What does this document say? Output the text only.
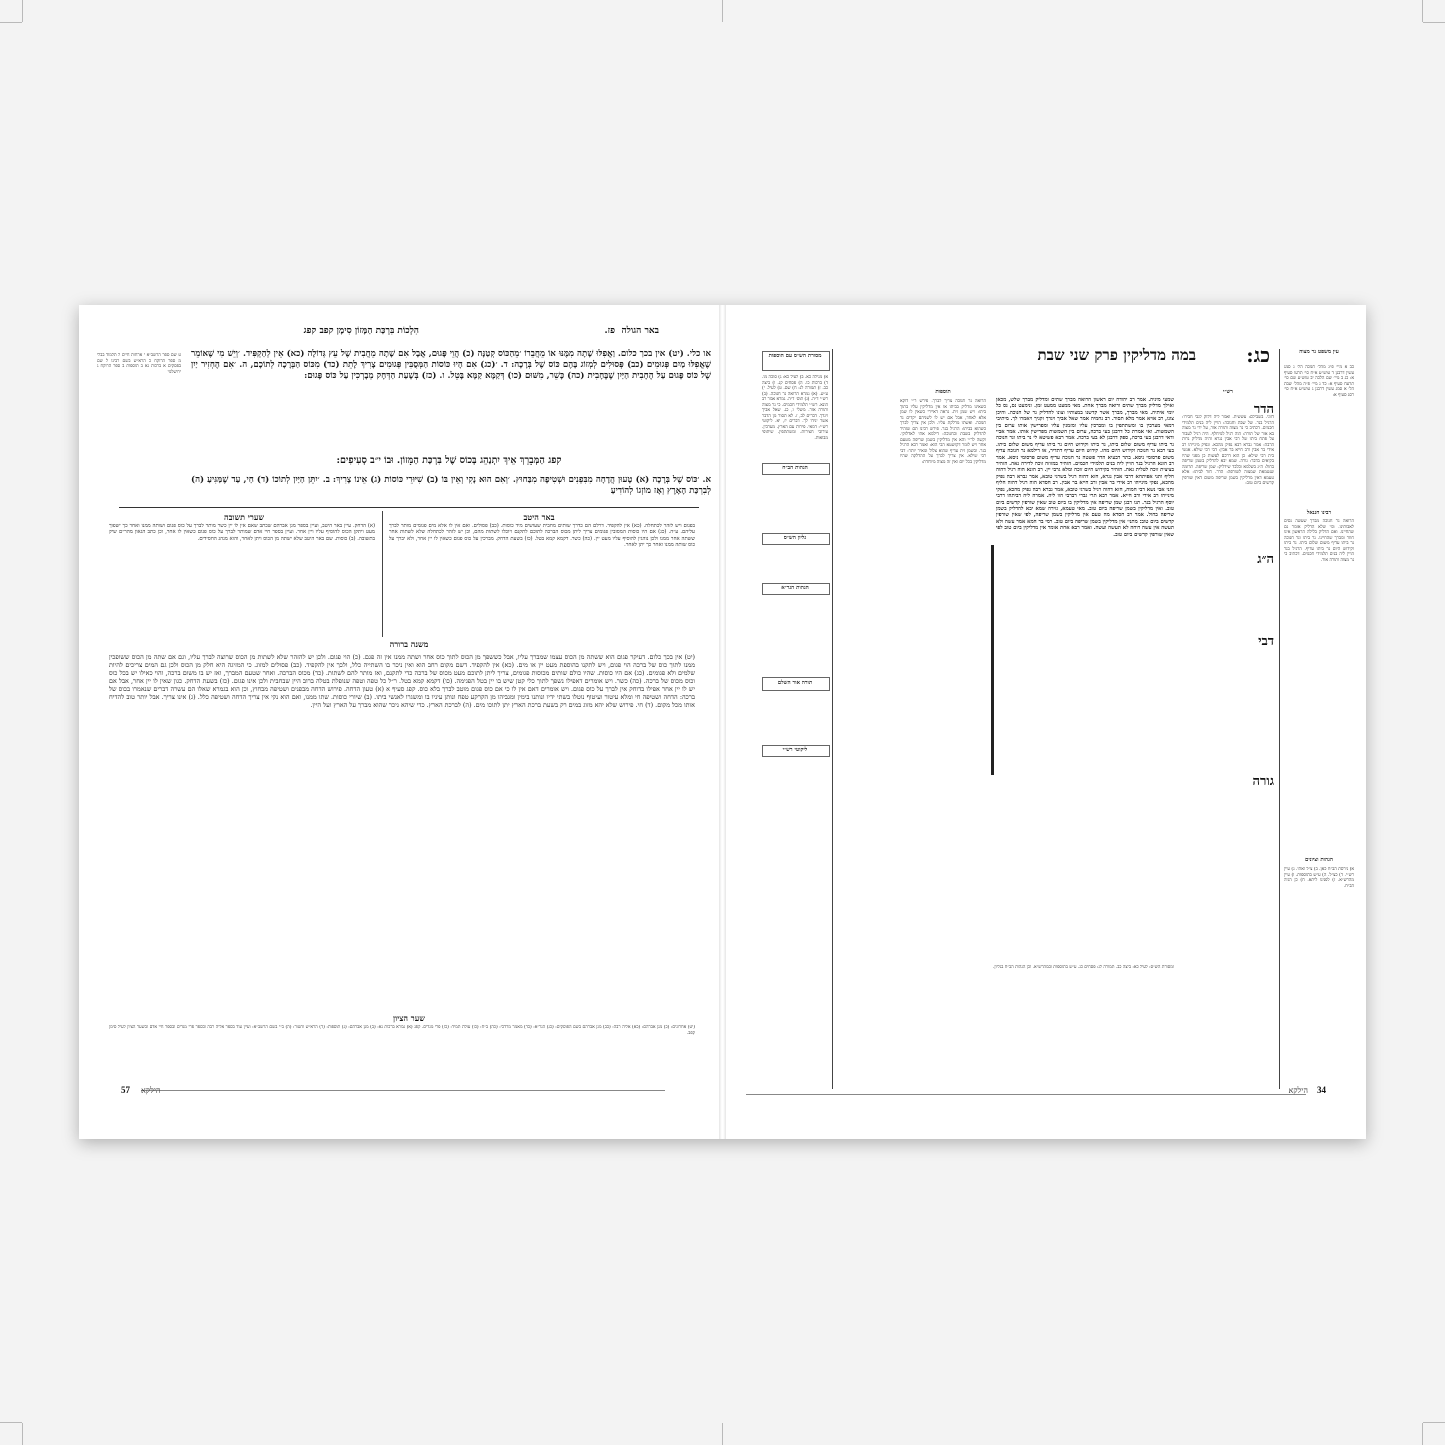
הִלְכוֹת בִּרְכַּת הַמָּזוֹן סִימָן קפב קפג	פז. באר הגולה
או כלי. (יט) אין בכך כלום. וַאֲפִלּוּ שָׁתָה מִמֶּנּוּ אוֹ מֵחֲבֵרוֹ ׳מֵהַכּוֹס קְטַנָּה (כ) הֲוֵי פָּגוּם, אֲבָל אִם שָׁתָה מֵחֲבִית שֶׁל עֵץ גְּדוֹלָה (כא) אֵין לְהַקְפִּיד. ׳וְיֵשׁ מִי שֶׁאוֹמֵר שֶׁאֲפִלּוּ מַיִם פְּגוּמִים (כב) פְּסוּלִים לְמְזוֹג בָּהֶם כּוֹס שֶׁל בְּרָכָה: ד. ׳(כג) אִם הָיוּ כּוֹסוֹת הַמְּסֻבִּין פְּגוּמִים צָרִיךְ לָתֵת (כד) מִכּוֹס הַבְּרָכָה לְתוֹכָם, ה. ׳אִם הֶחְזִיר יַיִן שֶׁל כּוֹס פָּגוּם עַל הֶחָבִית הַיַּיִן שֶׁבֶּחָבִית (כה) כָּשֵׁר, מִשּׁוּם (כו) דְּקַמָּא קַמָּא בָּטֵל. ו. (כז) בְּשָׁעַת הַדְּחָק מְבָרְכִין עַל כּוֹס פָּגוּם:
קפג הַמְּבָרֵךְ אֵיךְ יִתְנַהֵג בְּכוֹס שֶׁל בִּרְכַּת הַמָּזוֹן. וּבוֹ י״ב סְעִיפִים:
א. ׳כּוֹס שֶׁל בְּרָכָה (א) טָעוּן הֲדָחָה מִבִּפְנִים וּשְׁטִיפָה מִבַּחוּץ. ׳וְאִם הוּא נָקִי וְאֵין בּוֹ (ב) שִׁיּוּרֵי כּוֹסוֹת (ג) אֵינוֹ צָרִיךְ: ב. ׳יִתֵּן הַיַּיִן לְתוֹכוֹ (ד) חַי, עַד שֶׁמַּגִּיעַ (ה) לְבִרְכַּת הָאָרֶץ וְאָז מוֹזְגוֹ לְהוֹדִיעַ
ט שם ספר הרשב״א י ארחות חיים ל תלמוד בבלי מ ספר הרוקח כ הרא״ש בשם רבינו ל שם בפסקים א ברכות נא ב תוספות ב ספר הרוקח ג ירושלמי
באר היטב
שערי תשובה
בפגום ויש לזהר לכתחלה. (כא) אין להקפיד. דרלם הם כדרך שותים מחבית שעושים מיד כוסות. (כב) פסולים. ואם אין לו אלא מים פגומים מותר לברך עליהם. ע״ה. (כג) אם היו כוסות המסובין פגומים צריך ליתן מכוס הברכה לתוכם לתקנם ויוכלו לשתות מהם, וכן יש לזהר לכתחלה שלא לשתות אחר ששתה אחר ממנו ולכן נוהגין להוסיף עליו מעט יין. (כה) כשר. דקמא קמא בטל. (כז) בשעת הדחק. מברכין על כוס פגום כשאין לו יין אחר, ולא יברך על כוס שותה ממנו ואחר כך יתן לאחר.
(א) הדחק. עיין באר היטב, ועיין בספר מגן אברהם שכתב שאם אין לו יין כשר מותר לברך על כוס פגום ושותה ממנו ואחר כך ישפוך מעט ויתקן הכוס להוסיף עליו ויין אחר. ועיין בספר חיי אדם שמותר לברך על כוס פגום כשאין לו אחר, וכן כתב הגאון מהר״ם שיק בתשובה. (ב) כוסות. שם באר היטב שלא ישתה מן הכוס ויתן לאחר, והוא מנהג החסידים.
משנה ברורה
(יט) אין בכך כלום. דעיקר פגום הוא ששתה מן הכוס עצמו שמברך עליו, אבל כששפך מן הכוס לתוך כוס אחר ושתה ממנו אין זה פגם. (כ) הוי פגום. ולכן יש להזהר שלא לשתות מן הכוס שרוצה לברך עליו, וגם אם שתה מן הכוס ששופכין ממנו לתוך כוס של ברכה הוי פגום, ויש לתקנו בהוספת מעט יין או מים. (כא) אין להקפיד. דשם מקום רחב הוא ואין ניכר בו השתייה כלל, ולכך אין להקפיד. (כב) פסולים למזוג. כי המזיגה היא חלק מן הכוס ולכן גם המים צריכים להיות שלמים ולא פגומים. (כג) אם היו כוסות. שהיו כולם שותים מכוסות פגומים, צריך ליתן לתוכם מעט מכוס של ברכה כדי לתקנם, ואז מותר להם לשתות. (כד) מכוס הברכה. ואחר שטעם המברך, ואז יש בו משום ברכה, והוי כאילו יש בכל כוס וכוס מכוס של ברכה. (כה) כשר. ויש אומרים דאפילו נשפך לתוך כלי קטן שיש בו יין בטל הפגימה. (כו) דקמא קמא בטל. ר״ל כל טפה וטפה שנופלת בטלה ברוב היין שבחבית ולכן אינו פגום. (כז) בשעת הדחק. כגון שאין לו יין אחר, אבל אם יש לו יין אחר אפילו בדוחק אין לברך על כוס פגום. ויש אומרים דאם אין לו כי אם כוס פגום מוטב לברך בלא כוס. קפג סעיף א (א) טעון הדחה. פירוש הדחה מבפנים ושטיפה מבחוץ, וכן הוא בגמרא שאלו הם עשרה דברים שנאמרו בכוס של ברכה: הדחה ושטיפה חי ומלא עיטור ועיטוף נוטלו בשתי ידיו ונותנו בימין ומגביהו מן הקרקע טפח ונותן עיניו בו ומשגרו לאנשי ביתו. (ב) שיורי כוסות. שתו ממנו, ואם הוא נקי אין צריך הדחה ושטיפה כלל. (ג) אינו צריך. אבל יותר טוב להדיח אותו מכל מקום. (ד) חי. פירוש שלא יהא מזוג במים רק בשעת ברכת הארץ יתן לתוכו מים. (ה) לברכת הארץ. כדי שיהא ניכר שהוא מברך על הארץ ועל היין.
שער הציון
(יט) אחרונים: (כ) מגן אברהם: (כא) אליה רבה: (כב) מגן אברהם בשם הפוסקים: (כג) הגר״א: (כד) מאמר מרדכי: (כה) ב״ח: (כו) עולת תמיד: (כז) פרי מגדים. קפג (א) גמרא ברכות נא: (ב) מגן אברהם: (ג) תוספות: (ד) הרא״ש והטור: (ה) ב״י בשם הרשב״א: ועיין עוד בספר אליה רבה ובספר פרי מגדים ובספר חיי אדם ובשער הציון לעיל סימן קפב.
57 הילקא
כג:
במה מדליקין פרק שני שבת	עין משפט נר מצוה
כב א מיי׳ פ״ג מהל׳ חנוכה הל׳ ג סמג עשין דרבנן ד טוש״ע א״ח סי׳ תרעו סעיף א: כג ב מיי׳ שם הלכה יב טוש״ע שם סי׳ תרעח סעיף א: כד ג מיי׳ פ״ה מהל׳ שבת הל׳ א סמג עשין דרבנן ג טוש״ע א״ח סי׳ רסג סעיף א:
רבינו חננאל
הרואה נר חנוכה מברך שעשה נסים לאבותינו. ומי שלא הדליק אומר גם שהחיינו. ואם הדליק בלילה הראשון אינו חוזר ומברך שהחיינו. נר ביתו ונר חנוכה נר ביתו עדיף משום שלום ביתו. נר ביתו וקידוש היום נר ביתו עדיף. הרגיל בנר הויין ליה בנים תלמידי חכמים. דכתיב כי נר מצוה ותורה אור.
הגהות וציונים
א) גירסת הב״ח כאן. ב) צ״ל ואתי. ג) עיין רש״י. ד) כצ״ל. ה) ע״ש בתוספות. ו) עיין מהרש״א. ז) לפנינו ליתא. ח) כן הגיה הב״ח.
הדר
ה״ג
דבי
גורה
דזוגי. בשבילם: עששית. ואמר ליה דלוק לגבי חבירו: הרגיל בנר. של שבת וחנוכה: הויין ליה בנים תלמידי חכמים. דכתיב כי נר מצוה ותורה אור, על ידי נר מצוה בא אור של תורה: הוה רגיל למיחלף. היה רגיל לעבור על פתח ביתו של רבי אבין נגרא והיה מדליק נרות הרבה: אמר גברא רבא נפיק מהכא. ונפיק מינייהו רב אידי בר אבין ורב חייא בר אבין: דבי רבי שילא. אנשי בית רבי שילא: כן הוא דרכם לעשות כן מפני שהיו בקיאים בדבר: גורה. שמא יבא להדליק בשמן שריפה בחול: ה״ג בשלמא ובלבד שידליק: שמן שריפה. תרומה שנטמאת שמצוה לשורפה: הדר. חזר לביתו: אלא טעמא דאין מדליקין בשמן שריפה משום דאין שורפין קדשים ביום טוב:
רש״י
שמעי מיניה. אמר רב יהודה יום ראשון הרואה מברך שתים ומדליק מברך שלש, מכאן ואילך מדליק מברך שתים ורואה מברך אחת. מאי ממעט ממעט זמן. ונימעט נס, נס כל יומי איתיה. מאי מברך, מברך אשר קדשנו במצותיו וצונו להדליק נר של חנוכה. והיכן צונו, רב אויא אמר מלא תסור. רב נחמיה אמר שאל אביך ויגדך זקניך ויאמרו לך. מיתיבי דמאי מערבין בו ומשתתפין בו ומברכין עליו ומזמנין עליו ומפרישין אותו ערום בין השמשות. ואי אמרת כל דרבנן בעי ברכה, ערום בין השמשות מפרישין אותו. אמר אביי ודאי דרבנן בעי ברכה, ספק דרבנן לא בעי ברכה. אמר רבא פשיטא לי נר ביתו ונר חנוכה נר ביתו עדיף משום שלום ביתו, נר ביתו וקידוש היום נר ביתו עדיף משום שלום ביתו. בעי רבא נר חנוכה וקידוש היום מהו. קידוש היום עדיף דתדיר, או דילמא נר חנוכה עדיף משום פרסומי ניסא. בתר דבעיא הדר פשטה נר חנוכה עדיף משום פרסומי ניסא. אמר רב הונא הרגיל בנר הויין ליה בנים תלמידי חכמים. הזהיר במזוזה זוכה לדירה נאה. הזהיר בציצית זוכה לטלית נאה. הזהיר בקידוש היום זוכה ומלא גרבי יין. רב הונא הוה רגיל דהוה חליף ותני אפיתחא דרבי אבין נגרא, חזא דהוה רגיל בשרגי טובא, אמר גברא רבה נפיק מהכא, נפקי מינייהו רב אידי בר אבין ורב חייא בר אבין. רב חסדא הוה רגיל דהוה חליף ותני אבי נשא דבי חמוה, חזא דהוה רגיל בשרגי טובא, אמר גברא רבה נפיק מהכא, נפקי מינייהו רב אידי ורב חייא. אמר רבא תרי גברי רברבי הוו ליה. אמרה ליה דביתהו דרבי יוסף הרגיל בנר. תנו רבנן שמן שריפה אין מדליקין בו ביום טוב שאין שורפין קדשים ביום טוב. ואין מדליקין בשמן שריפה ביום טוב. מאי טעמא, גזירה שמא יבא להדליק בשמן שריפה בחול. אמר רב חסדא מה טעם אין מדליקין בשמן שריפה, לפי שאין שורפין קדשים ביום טוב: מתני׳ אין מדליקין בשמן שריפה ביום טוב. רמי בר חמא אמר עשה ולא תעשה אין עשה דוחה לא תעשה ועשה. ואמר רבא אחת אומר אין מדליקין ביום טוב לפי שאין שורפין קדשים ביום טוב.
תוספות
הרואה נר חנוכה צריך לברך. פירש ר״י דוקא כשאינו מדליק בביתו או אין מדליקין עליו בתוך ביתו: ויש שמן זית. נראה דאיירי כשאין לו שמן אלא לאחד, אבל אם יש לו לשניהם יקדים נר חנוכה. ואשתו מדלקת עליו. ולכן אין צריך לברך כשהוא בביתו: הרגיל בנר. פירש רבינו תם שזהיר להדליק בשבת ובחנוכה: דילמא אתי לאדלוקי. וקשה לר״י והא אין מדליקין בשמן שריפה מטעם אחר ויש לומר דקושטא הכי הוא: ואמר רבא הרגיל בנר. ובשמן זית עדיף שהוא צלול ומאיר יותר: דבי רבי שילא. אין צריך לברך על ההדלקה שהיו מדליקין בכל יום ואין זה מצוה מיוחדת:
ומסורת הש״ס: לעיל כא: ביצה כב. תמורה לג: פסחים כג. ע״ש בתוספות ובמהרש״א. וכן הגהות הב״ח בגליון.
מסורת הש״ס עם הוספות
הגהות הב״ח
גליון הש״ס
הגהות הגר״א
תורה אור השלם
ליקוטי רש״י
א) מגילה כא. ב) לעיל כא: ג) סוכה מו. ד) ברכות כו. ה) פסחים קג. ו) ביצה כב. ז) תמורה לג: ח) שם. ט) לעיל. י) ע״ש. (א) גמרא הרואה נר חנוכה. (ב) רש״י ד״ה. (ג) תוס׳ ד״ה. גמרא אמר רב הונא. רש״י תלמידי חכמים. כי נר מצוה ותורה אור. משלי ו, כג. שאל אביך ויגדך. דברים לב, ז. לא תסור מן הדבר אשר יגידו לך. דברים יז, יא. ליקוטי רש״י: דמאי. פירות עם הארץ. מערבין. עירובי חצירות. ומשתתפין. שיתופי מבואות.
34
הילקא
